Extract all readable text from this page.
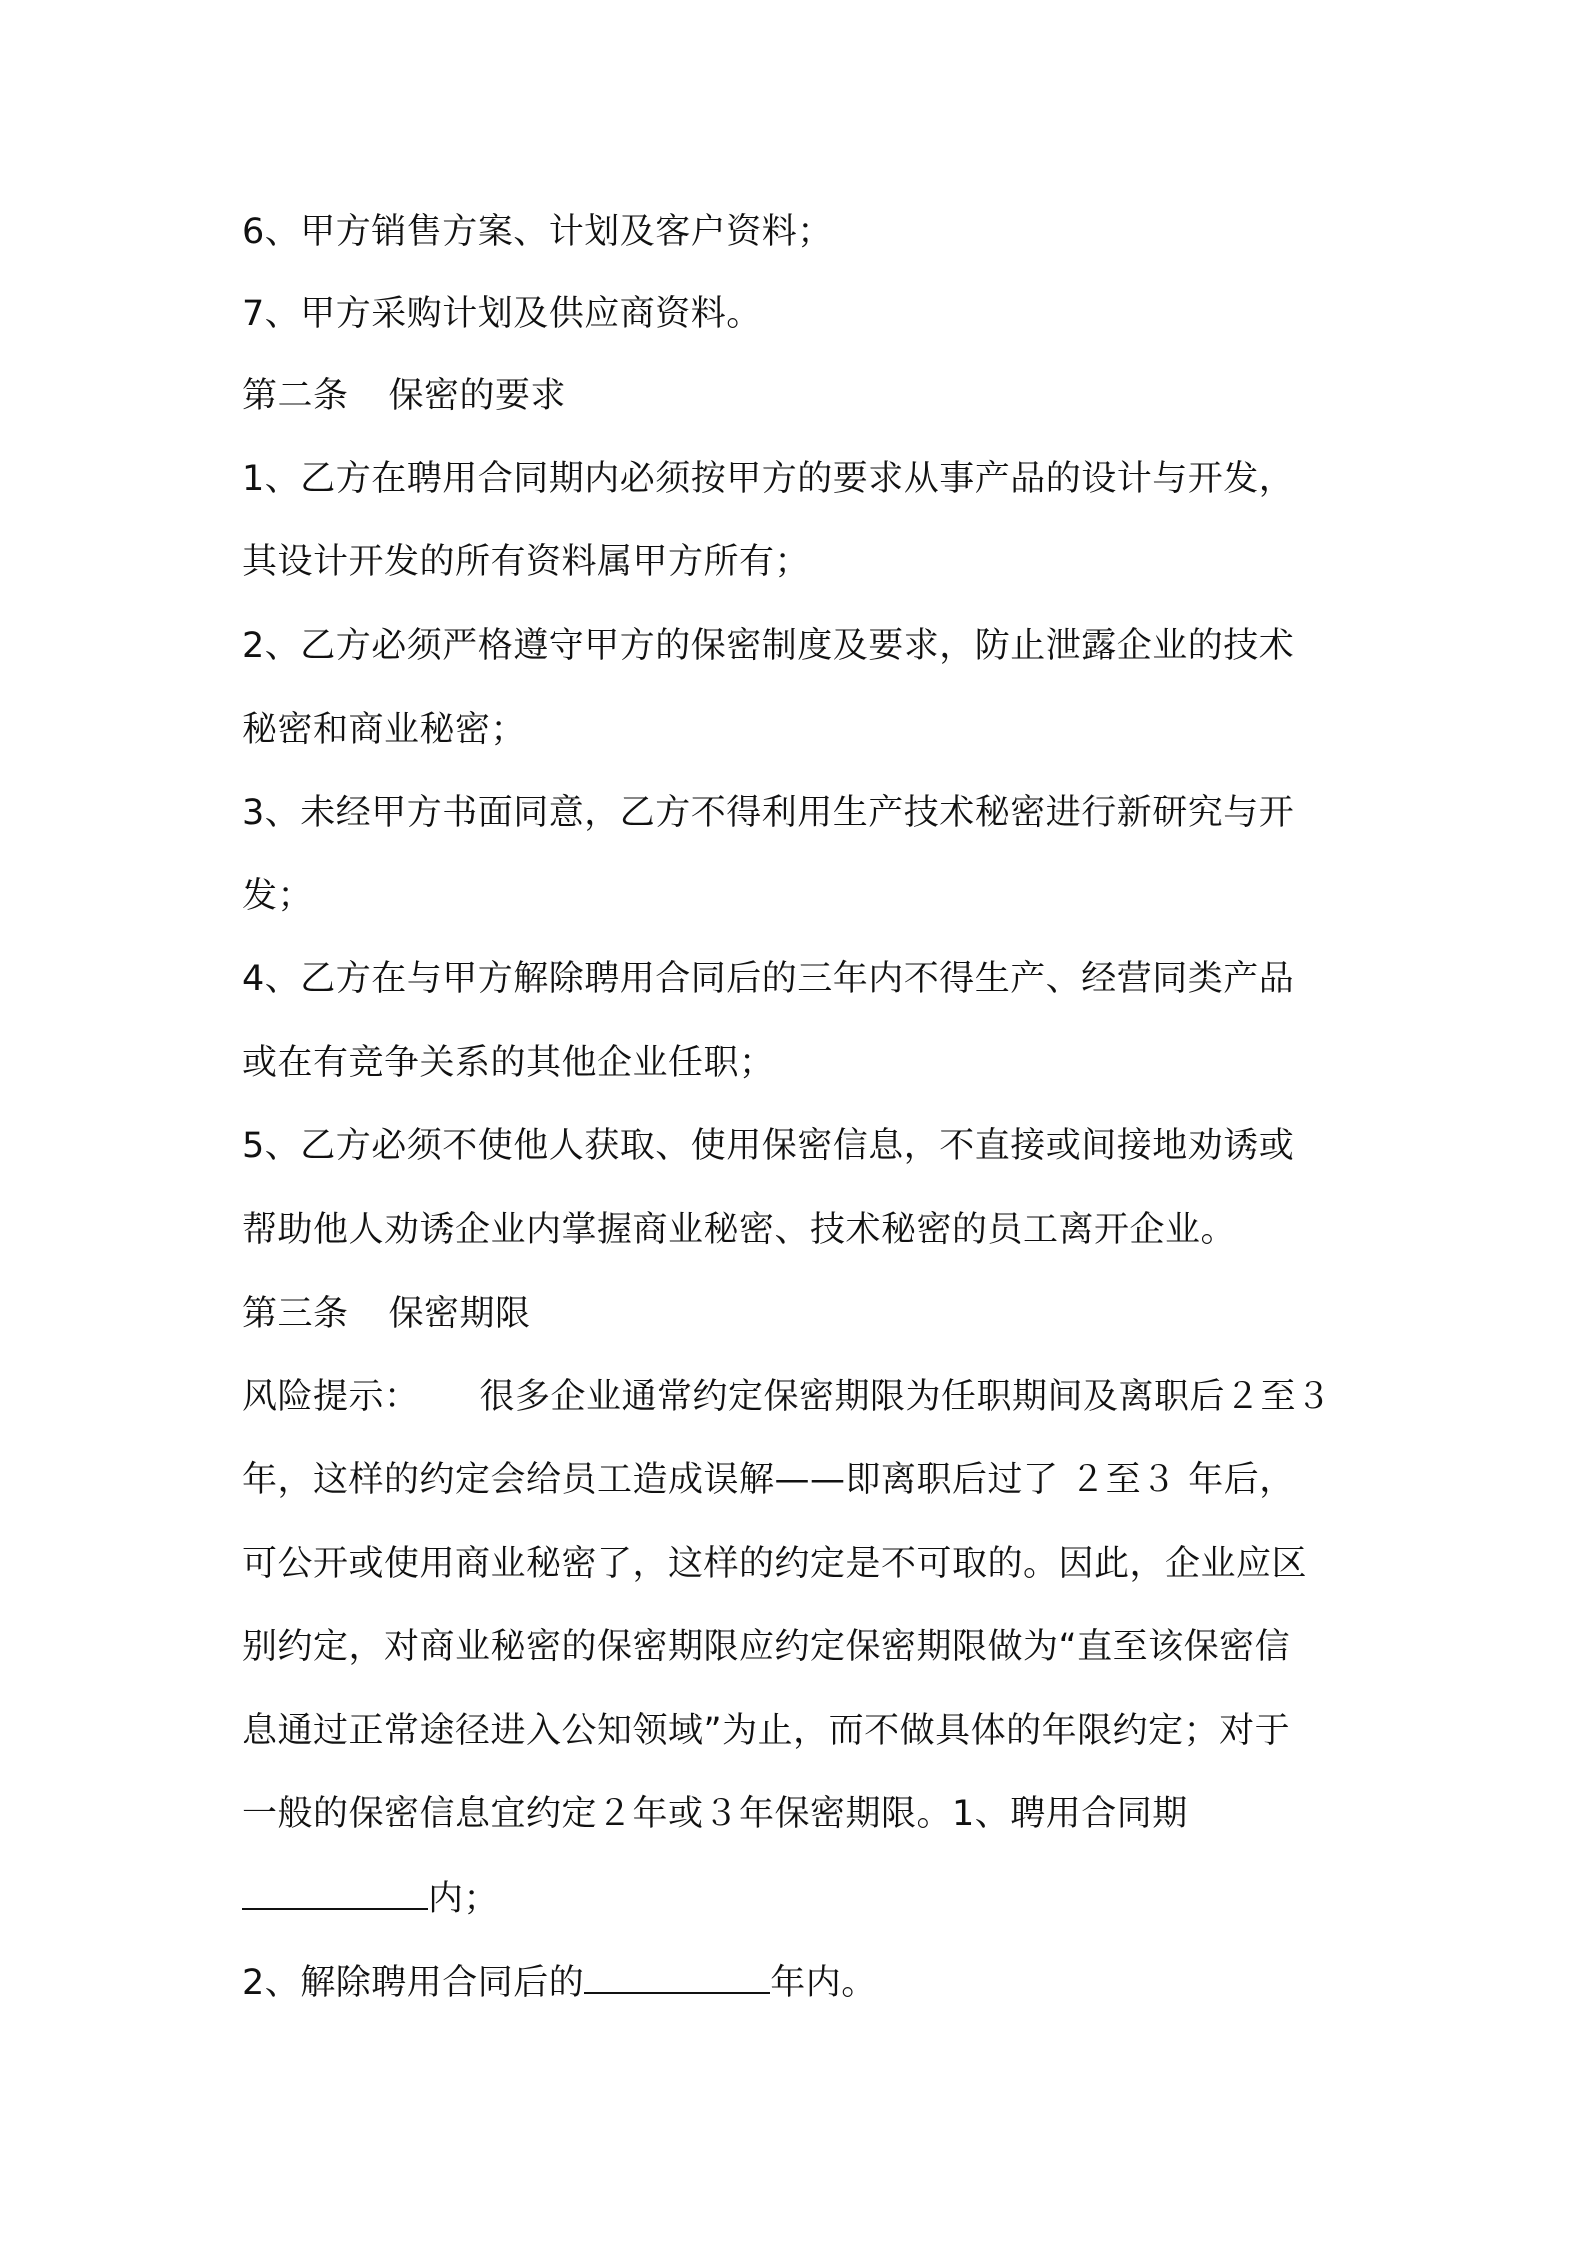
6、甲方销售方案、计划及客户资料；
7、甲方采购计划及供应商资料。
第二条 保密的要求
1、乙方在聘用合同期内必须按甲方的要求从事产品的设计与开发，
其设计开发的所有资料属甲方所有；
2、乙方必须严格遵守甲方的保密制度及要求，防止泄露企业的技术
秘密和商业秘密；
3、未经甲方书面同意，乙方不得利用生产技术秘密进行新研究与开
发；
4、乙方在与甲方解除聘用合同后的三年内不得生产、经营同类产品
或在有竞争关系的其他企业任职；
5、乙方必须不使他人获取、使用保密信息，不直接或间接地劝诱或
帮助他人劝诱企业内掌握商业秘密、技术秘密的员工离开企业。
第三条 保密期限
风险提示： 很多企业通常约定保密期限为任职期间及离职后２至３
年，这样的约定会给员工造成误解——即离职后过了 ２至３ 年后，
可公开或使用商业秘密了，这样的约定是不可取的。因此，企业应区
别约定，对商业秘密的保密期限应约定保密期限做为“直至该保密信
息通过正常途径进入公知领域”为止，而不做具体的年限约定；对于
一般的保密信息宜约定２年或３年保密期限。1、聘用合同期
内；
2、解除聘用合同后的	年内。
